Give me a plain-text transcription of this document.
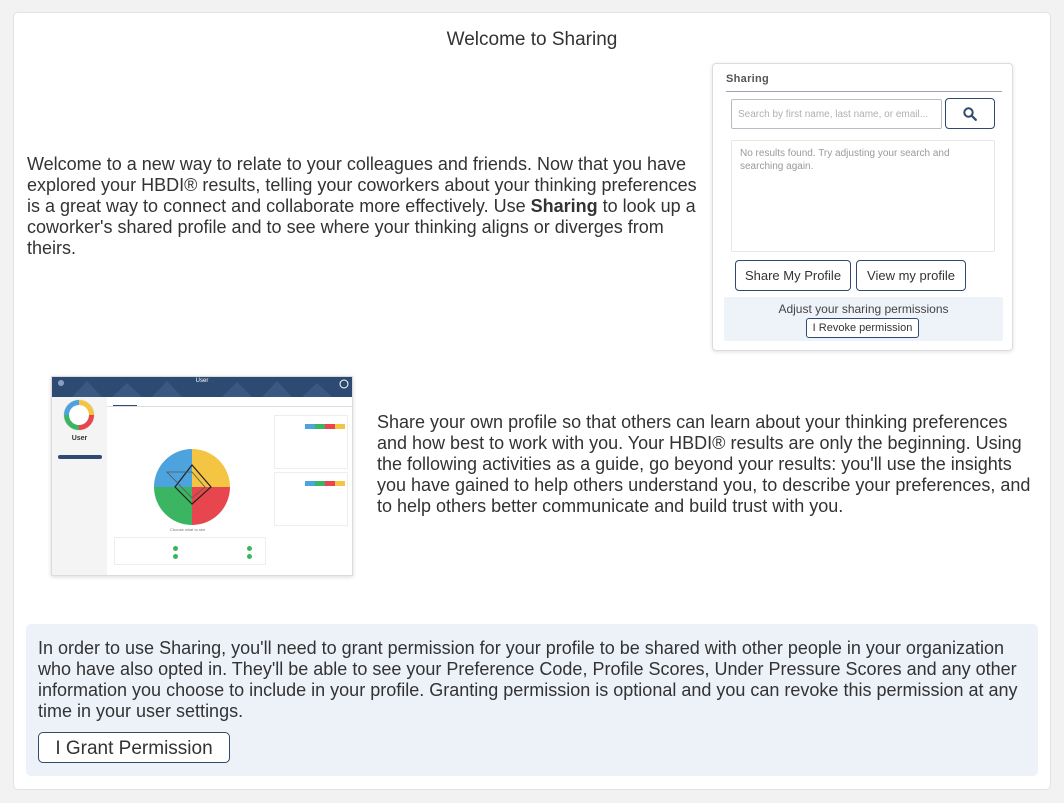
Welcome to Sharing
Welcome to a new way to relate to your colleagues and friends. Now that you have explored your HBDI® results, telling your coworkers about your thinking preferences is a great way to connect and collaborate more effectively. Use Sharing to look up a coworker's shared profile and to see where your thinking aligns or diverges from theirs.
Sharing
Search by first name, last name, or email...
No results found. Try adjusting your search and searching again.
Share My Profile	View my profile
Adjust your sharing permissions
I Revoke permission
User
User
Choose what to see
Share your own profile so that others can learn about your thinking preferences and how best to work with you. Your HBDI® results are only the beginning. Using the following activities as a guide, go beyond your results: you'll use the insights you have gained to help others understand you, to describe your preferences, and to help others better communicate and build trust with you.
In order to use Sharing, you'll need to grant permission for your profile to be shared with other people in your organization who have also opted in. They'll be able to see your Preference Code, Profile Scores, Under Pressure Scores and any other information you choose to include in your profile. Granting permission is optional and you can revoke this permission at any time in your user settings.
I Grant Permission
